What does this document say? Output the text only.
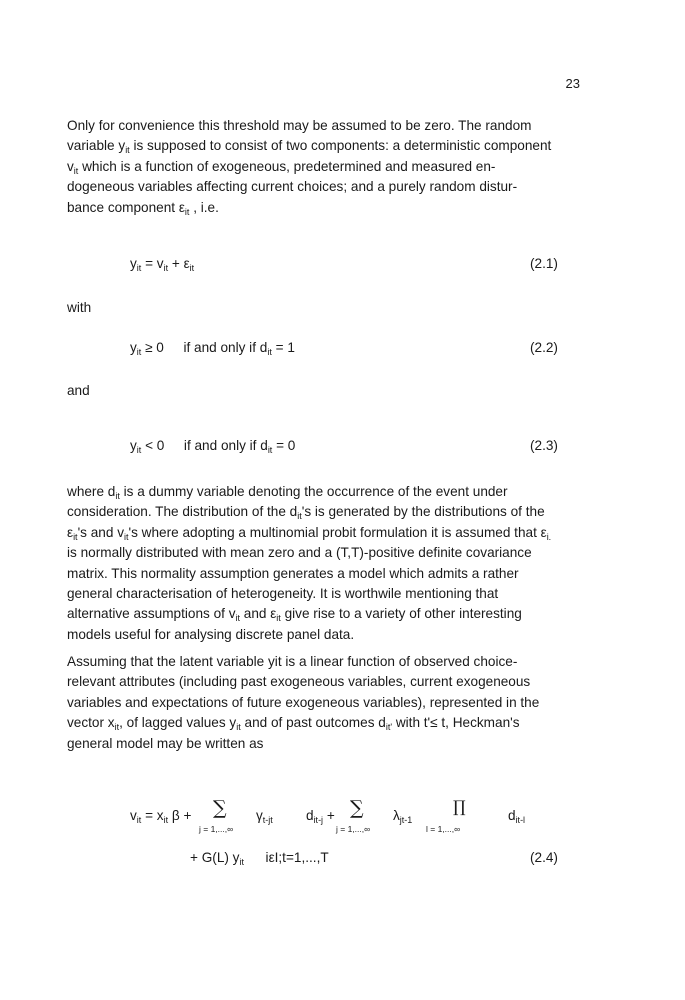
23
Only for convenience this threshold may be assumed to be zero. The random
variable $y_{it}$ is supposed to consist of two components: a deterministic component
$v_{it}$ which is a function of exogeneous, predetermined and measured en-
dogeneous variables affecting current choices; and a purely random distur-
bance component $\varepsilon_{it}$ , i.e.
$y_{it} = v_{it} + \varepsilon_{it}$	(2.1)
with
$y_{it} \ge 0$ if and only if $d_{it} = 1$	(2.2)
and
$y_{it} < 0$ if and only if $d_{it} = 0$	(2.3)
where $d_{it}$ is a dummy variable denoting the occurrence of the event under
consideration. The distribution of the $d_{it}'s$ is generated by the distributions of the
$\varepsilon_{it}'s$ and $v_{it}'s$ where adopting a multinomial probit formulation it is assumed that $\varepsilon_{i.}$
is normally distributed with mean zero and a (T,T)-positive definite covariance
matrix. This normality assumption generates a model which admits a rather
general characterisation of heterogeneity. It is worthwile mentioning that
alternative assumptions of $v_{it}$ and $\varepsilon_{it}$ give rise to a variety of other interesting
models useful for analysing discrete panel data.
Assuming that the latent variable yit is a linear function of observed choice-
relevant attributes (including past exogeneous variables, current exogeneous
variables and expectations of future exogeneous variables), represented in the
vector $x_{it}$, of lagged values $y_{it}$ and of past outcomes $d_{it'}$ with t'≤ t, Heckman's
general model may be written as
$v_{it} = x_{it}$ β + ∑
j = 1,...,∞
$\gamma_{t-jt}$ $d_{it-j}$ + ∑
j = 1,...,∞
$\lambda_{jt-1}$
∏
l = 1,...,∞
$d_{it-l}$
+ G(L) $y_{it}$ iεI;t=1,...,T	(2.4)
